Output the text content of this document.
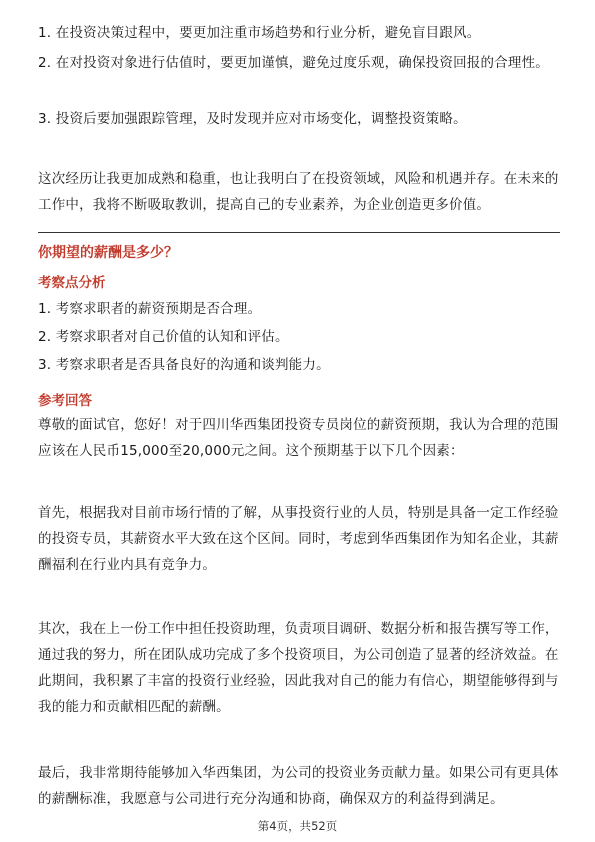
1. 在投资决策过程中，要更加注重市场趋势和行业分析，避免盲目跟风。

2. 在对投资对象进行估值时，要更加谨慎，避免过度乐观，确保投资回报的合理性。

3. 投资后要加强跟踪管理，及时发现并应对市场变化，调整投资策略。

这次经历让我更加成熟和稳重，也让我明白了在投资领域，风险和机遇并存。在未来的工作中，我将不断吸取教训，提高自己的专业素养，为企业创造更多价值。

你期望的薪酬是多少？
考察点分析

1. 考察求职者的薪资预期是否合理。

2. 考察求职者对自己价值的认知和评估。

3. 考察求职者是否具备良好的沟通和谈判能力。

参考回答

尊敬的面试官，您好！对于四川华西集团投资专员岗位的薪资预期，我认为合理的范围应该在人民币15,000至20,000元之间。这个预期基于以下几个因素：

首先，根据我对目前市场行情的了解，从事投资行业的人员，特别是具备一定工作经验的投资专员，其薪资水平大致在这个区间。同时，考虑到华西集团作为知名企业，其薪酬福利在行业内具有竞争力。

其次，我在上一份工作中担任投资助理，负责项目调研、数据分析和报告撰写等工作，通过我的努力，所在团队成功完成了多个投资项目，为公司创造了显著的经济效益。在此期间，我积累了丰富的投资行业经验，因此我对自己的能力有信心，期望能够得到与我的能力和贡献相匹配的薪酬。

最后，我非常期待能够加入华西集团，为公司的投资业务贡献力量。如果公司有更具体的薪酬标准，我愿意与公司进行充分沟通和协商，确保双方的利益得到满足。

第4页，共52页
